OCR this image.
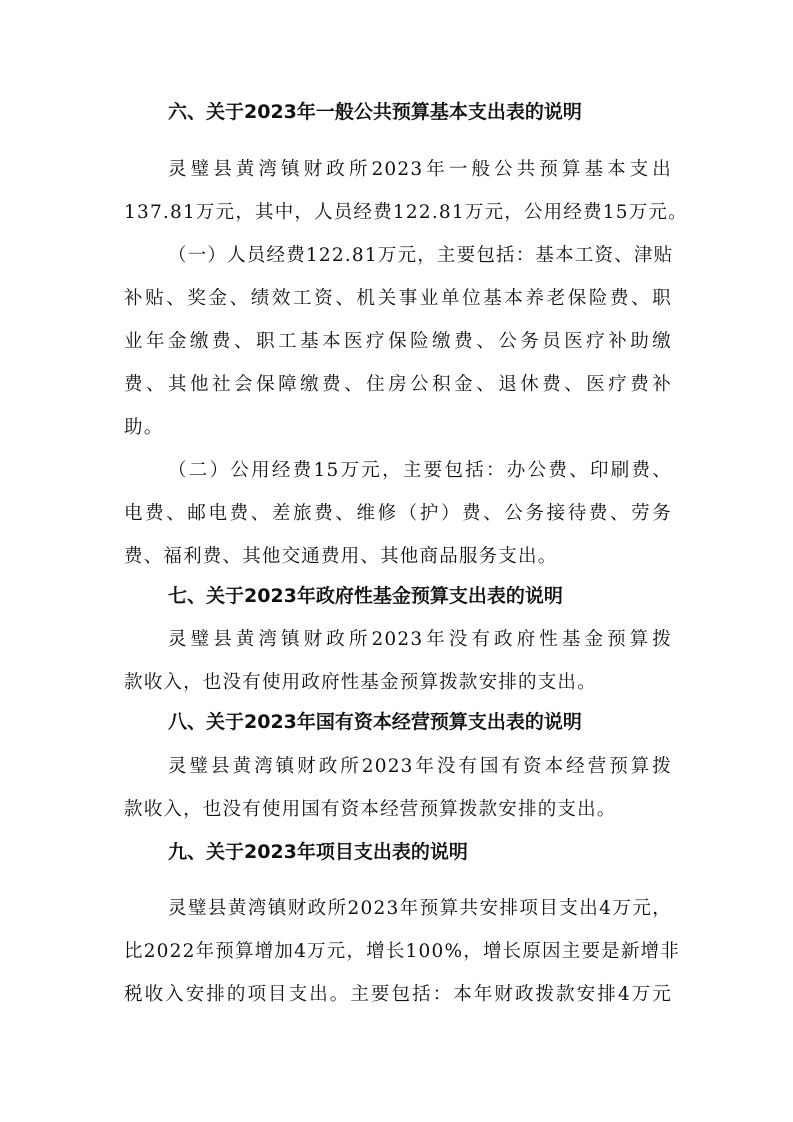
六、关于2023年一般公共预算基本支出表的说明
灵璧县黄湾镇财政所2023年一般公共预算基本支出
137.81万元，其中，人员经费122.81万元，公用经费15万元。
（一）人员经费122.81万元，主要包括：基本工资、津贴
补贴、奖金、绩效工资、机关事业单位基本养老保险费、职
业年金缴费、职工基本医疗保险缴费、公务员医疗补助缴
费、其他社会保障缴费、住房公积金、退休费、医疗费补
助。
（二）公用经费15万元，主要包括：办公费、印刷费、
电费、邮电费、差旅费、维修（护）费、公务接待费、劳务
费、福利费、其他交通费用、其他商品服务支出。
七、关于2023年政府性基金预算支出表的说明
灵璧县黄湾镇财政所2023年没有政府性基金预算拨
款收入，也没有使用政府性基金预算拨款安排的支出。
八、关于2023年国有资本经营预算支出表的说明
灵璧县黄湾镇财政所2023年没有国有资本经营预算拨
款收入，也没有使用国有资本经营预算拨款安排的支出。
九、关于2023年项目支出表的说明
灵璧县黄湾镇财政所2023年预算共安排项目支出4万元，
比2022年预算增加4万元，增长100%，增长原因主要是新增非
税收入安排的项目支出。主要包括：本年财政拨款安排4万元
